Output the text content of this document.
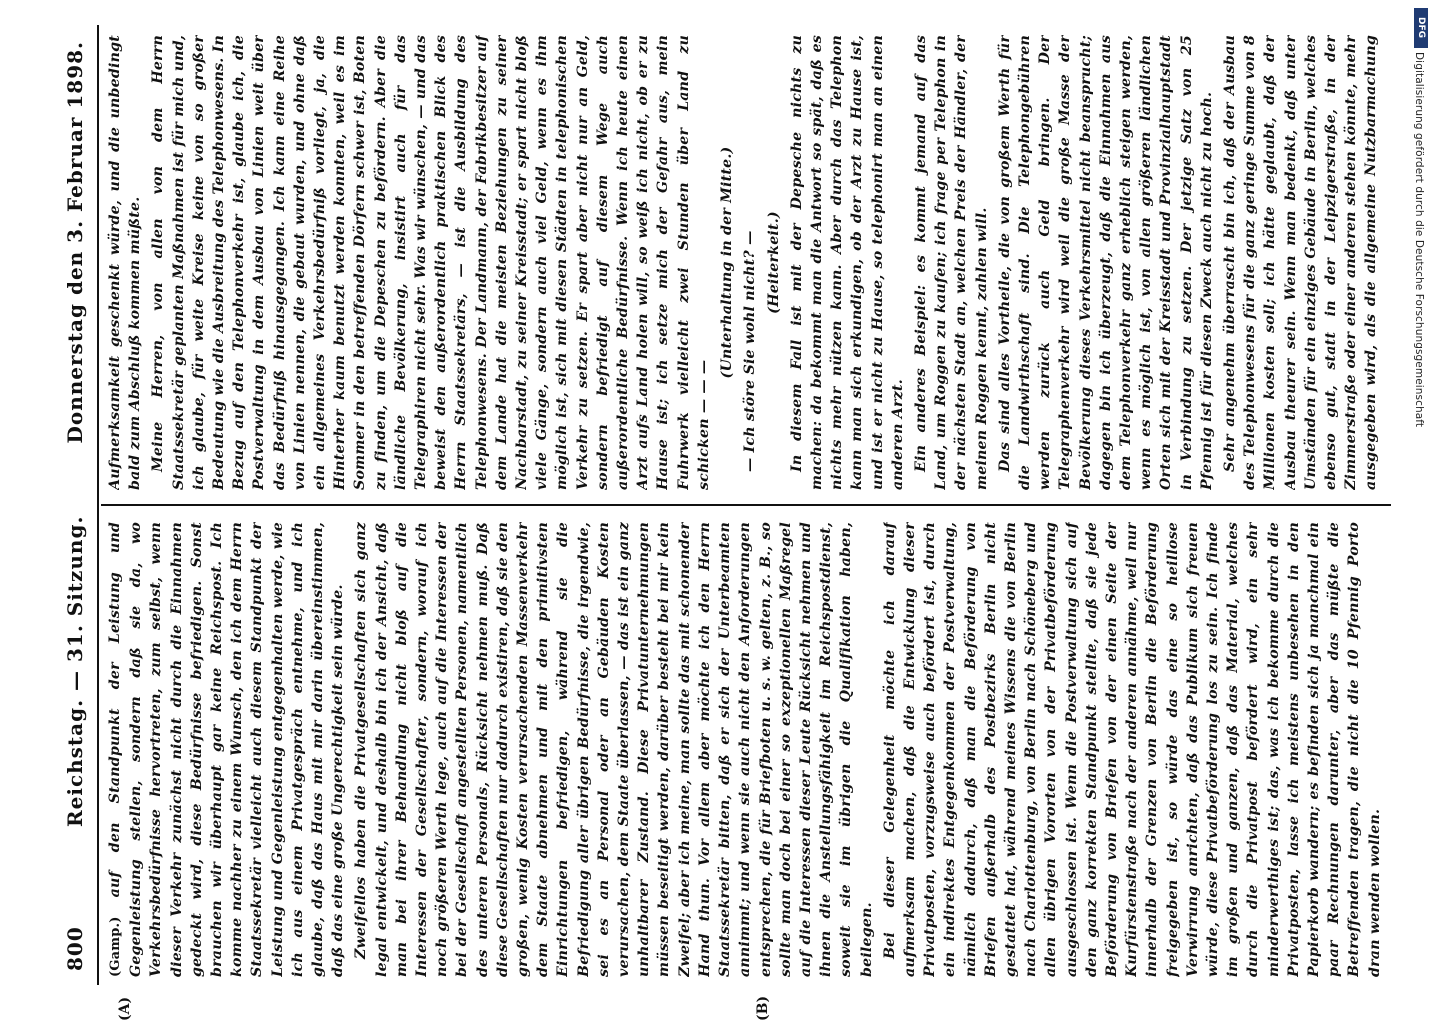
800
Reichstag. — 31. Sitzung.
Donnerstag den 3. Februar 1898.
(A)	(B)

(Gamp.) auf den Standpunkt der Leistung und Gegenleistung stellen, sondern daß sie da, wo Verkehrsbedürfnisse hervortreten, zum selbst, wenn dieser Verkehr zunächst nicht durch die Einnahmen gedeckt wird, diese Bedürfnisse befriedigen. Sonst brauchen wir überhaupt gar keine Reichspost. Ich komme nachher zu einem Wunsch, den ich dem Herrn Staatssekretär vielleicht auch diesem Standpunkt der Leistung und Gegenleistung entgegenhalten werde, wie ich aus einem Privatgespräch entnehme, und ich glaube, daß das Haus mit mir darin übereinstimmen, daß das eine große Ungerechtigkeit sein würde. Zweifellos haben die Privatgesellschaften sich ganz legal entwickelt, und deshalb bin ich der Ansicht, daß man bei ihrer Behandlung nicht bloß auf die Interessen der Gesellschafter, sondern, worauf ich noch größeren Werth lege, auch auf die Interessen der bei der Gesellschaft angestellten Personen, namentlich des unteren Personals, Rücksicht nehmen muß. Daß diese Gesellschaften nur dadurch existiren, daß sie den großen, wenig Kosten verursachenden Massenverkehr dem Staate abnehmen und mit den primitivsten Einrichtungen befriedigen, während sie die Befriedigung aller übrigen Bedürfnisse, die irgendwie, sei es an Personal oder an Gebäuden Kosten verursachen, dem Staate überlassen, — das ist ein ganz unhaltbarer Zustand. Diese Privatunternehmungen müssen beseitigt werden, darüber besteht bei mir kein Zweifel; aber ich meine, man sollte das mit schonender Hand thun. Vor allem aber möchte ich den Herrn Staatssekretär bitten, daß er sich der Unterbeamten annimmt; und wenn sie auch nicht den Anforderungen entsprechen, die für Briefboten u. s. w. gelten, z. B., so sollte man doch bei einer so exzeptionellen Maßregel auf die Interessen dieser Leute Rücksicht nehmen und ihnen die Anstellungsfähigkeit im Reichspostdienst, soweit sie im übrigen die Qualifikation haben, beilegen. Bei dieser Gelegenheit möchte ich darauf aufmerksam machen, daß die Entwicklung dieser Privatposten, vorzugsweise auch befördert ist, durch ein indirektes Entgegenkommen der Postverwaltung, nämlich dadurch, daß man die Beförderung von Briefen außerhalb des Postbezirks Berlin nicht gestattet hat, während meines Wissens die von Berlin nach Charlottenburg, von Berlin nach Schöneberg und allen übrigen Vororten von der Privatbeförderung ausgeschlossen ist. Wenn die Postverwaltung sich auf den ganz korrekten Standpunkt stellte, daß sie jede Beförderung von Briefen von der einen Seite der Kurfürstenstraße nach der anderen annähme, weil nur innerhalb der Grenzen von Berlin die Beförderung freigegeben ist, so würde das eine so heillose Verwirrung anrichten, daß das Publikum sich freuen würde, diese Privatbeförderung los zu sein. Ich finde im großen und ganzen, daß das Material, welches durch die Privatpost befördert wird, ein sehr minderwerthiges ist; das, was ich bekomme durch die Privatposten, lasse ich meistens unbesehen in den Papierkorb wandern; es befinden sich ja manchmal ein paar Rechnungen darunter, aber das müßte die Betreffenden tragen, die nicht die 10 Pfennig Porto dran wenden wollen.

Aufmerksamkeit geschenkt würde, und die unbedingt bald zum Abschluß kommen müßte. Meine Herren, von allen von dem Herrn Staatssekretär geplanten Maßnahmen ist für mich und, ich glaube, für weite Kreise keine von so großer Bedeutung wie die Ausbreitung des Telephonwesens. In Bezug auf den Telephonverkehr ist, glaube ich, die Postverwaltung in dem Ausbau von Linien weit über das Bedürfniß hinausgegangen. Ich kann eine Reihe von Linien nennen, die gebaut wurden, und ohne daß ein allgemeines Verkehrsbedürfniß vorliegt, ja, die Hinterher kaum benutzt werden konnten, weil es im Sommer in den betreffenden Dörfern schwer ist, Boten zu finden, um die Depeschen zu befördern. Aber die ländliche Bevölkerung, insistirt auch für das Telegraphiren nicht sehr. Was wir wünschen, — und das beweist den außerordentlich praktischen Blick des Herrn Staatssekretärs, — ist die Ausbildung des Telephonwesens. Der Landmann, der Fabrikbesitzer auf dem Lande hat die meisten Beziehungen zu seiner Nachbarstadt, zu seiner Kreisstadt; er spart nicht bloß viele Gänge, sondern auch viel Geld, wenn es ihm möglich ist, sich mit diesen Städten in telephonischen Verkehr zu setzen. Er spart aber nicht nur an Geld, sondern befriedigt auf diesem Wege auch außerordentliche Bedürfnisse. Wenn ich heute einen Arzt aufs Land holen will, so weiß ich nicht, ob er zu Hause ist; ich setze mich der Gefahr aus, mein Fuhrwerk vielleicht zwei Stunden über Land zu schicken — — —

(Unterhaltung in der Mitte.) — Ich störe Sie wohl nicht? — (Heiterkeit.) In diesem Fall ist mit der Depesche nichts zu machen: da bekommt man die Antwort so spät, daß es nichts mehr nützen kann. Aber durch das Telephon kann man sich erkundigen, ob der Arzt zu Hause ist, und ist er nicht zu Hause, so telephonirt man an einen anderen Arzt. Ein anderes Beispiel: es kommt jemand auf das Land, um Roggen zu kaufen; ich frage per Telephon in der nächsten Stadt an, welchen Preis der Händler, der meinen Roggen kennt, zahlen will. Das sind alles Vortheile, die von großem Werth für die Landwirthschaft sind. Die Telephongebühren werden zurück auch Geld bringen. Der Telegraphenverkehr wird weil die große Masse der Bevölkerung dieses Verkehrsmittel nicht beansprucht; dagegen bin ich überzeugt, daß die Einnahmen aus dem Telephonverkehr ganz erheblich steigen werden, wenn es möglich ist, von allen größeren ländlichen Orten sich mit der Kreisstadt und Provinzialhauptstadt in Verbindung zu setzen. Der jetzige Satz von 25 Pfennig ist für diesen Zweck auch nicht zu hoch. Sehr angenehm überrascht bin ich, daß der Ausbau des Telephonwesens für die ganz geringe Summe von 8 Millionen kosten soll; ich hätte geglaubt, daß der Ausbau theurer sein. Wenn man bedenkt, daß unter Umständen für ein einziges Gebäude in Berlin, welches ebenso gut, statt in der Leipzigerstraße, in der Zimmerstraße oder einer anderen stehen könnte, mehr ausgegeben wird, als die allgemeine Nutzbarmachung

DFG
Digitalisierung gefördert durch die Deutsche Forschungsgemeinschaft
